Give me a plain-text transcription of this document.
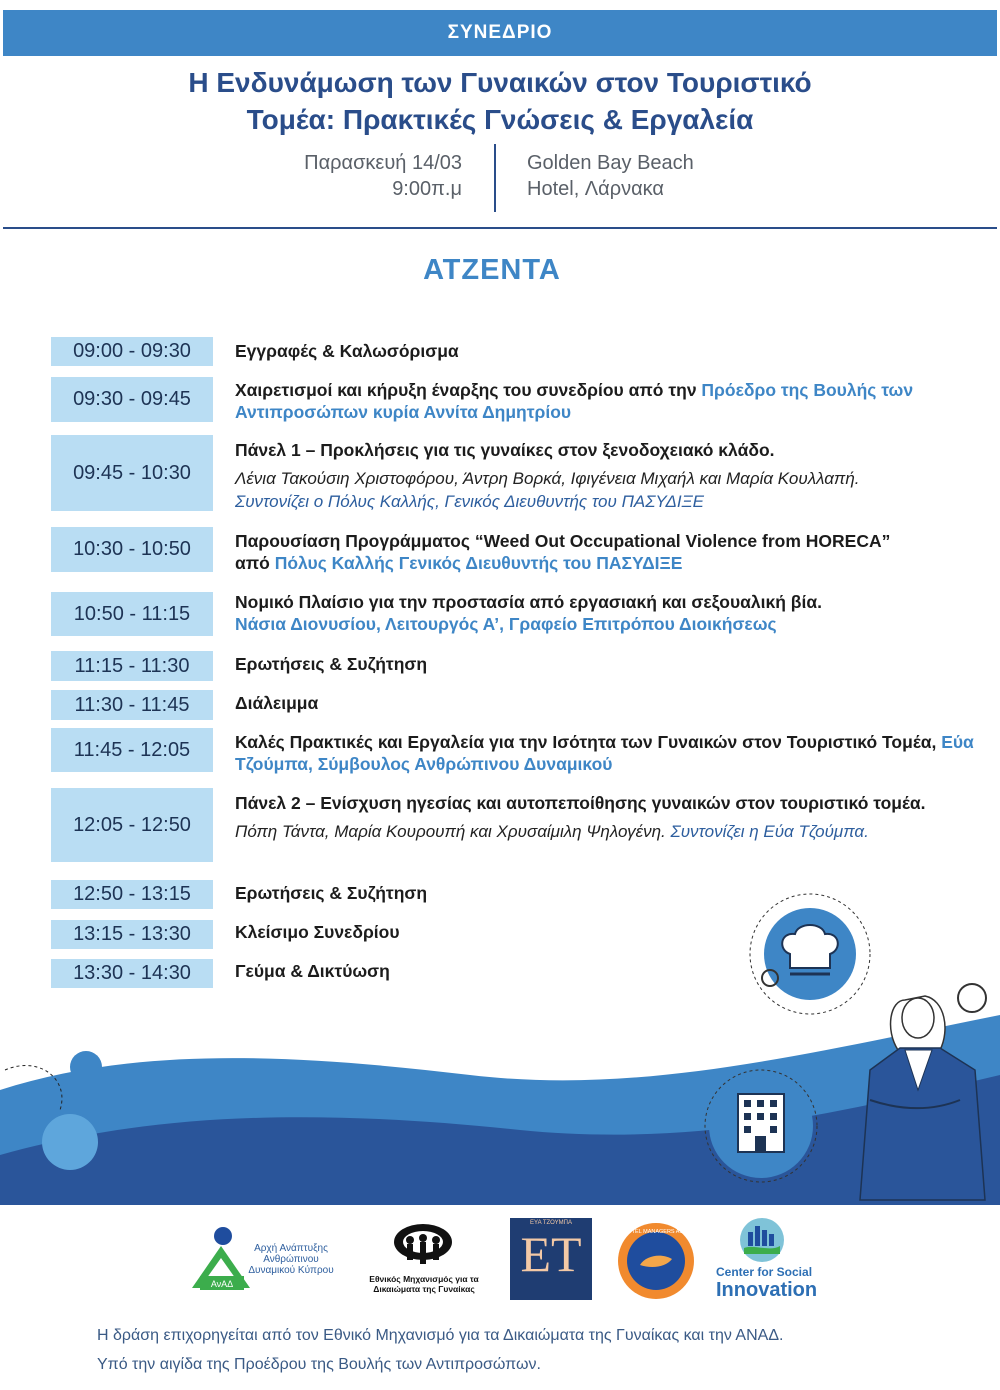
ΣΥΝΕΔΡΙΟ
Η Ενδυνάμωση των Γυναικών στον Τουριστικό
Τομέα: Πρακτικές Γνώσεις & Εργαλεία
Παρασκευή 14/03
9:00π.μ
Golden Bay Beach
Hotel, Λάρνακα
ΑΤΖΕΝΤΑ
09:00 - 09:30	Εγγραφές & Καλωσόρισμα
09:30 - 09:45	Χαιρετισμοί και κήρυξη έναρξης του συνεδρίου από την Πρόεδρο της Βουλής των Αντιπροσώπων κυρία Αννίτα Δημητρίου
09:45 - 10:30
Πάνελ 1 – Προκλήσεις για τις γυναίκες στον ξενοδοχειακό κλάδο.
Λένια Τακούσιη Χριστοφόρου, Άντρη Βορκά, Ιφιγένεια Μιχαήλ και Μαρία Κουλλαπή.
Συντονίζει ο Πόλυς Καλλής, Γενικός Διευθυντής του ΠΑΣΥΔΙΞΕ
10:30 - 10:50	Παρουσίαση Προγράμματος “Weed Out Occupational Violence from HORECA”
από Πόλυς Καλλής Γενικός Διευθυντής του ΠΑΣΥΔΙΞΕ
10:50 - 11:15
Νομικό Πλαίσιο για την προστασία από εργασιακή και σεξουαλική βία.
Νάσια Διονυσίου, Λειτουργός Α’, Γραφείο Επιτρόπου Διοικήσεως
11:15 - 11:30	Ερωτήσεις & Συζήτηση
11:30 - 11:45	Διάλειμμα
11:45 - 12:05	Καλές Πρακτικές και Εργαλεία για την Ισότητα των Γυναικών στον Τουριστικό Τομέα, Εύα Τζούμπα, Σύμβουλος Ανθρώπινου Δυναμικού
12:05 - 12:50
Πάνελ 2 – Ενίσχυση ηγεσίας και αυτοπεποίθησης γυναικών στον τουριστικό τομέα.
Πόπη Τάντα, Μαρία Κουρουπή και Χρυσαίμιλη Ψηλογένη. Συντονίζει η Εύα Τζούμπα.
12:50 - 13:15	Ερωτήσεις & Συζήτηση
13:15 - 13:30	Κλείσιμο Συνεδρίου
13:30 - 14:30	Γεύμα & Δικτύωση
ΑνΑΔ
Αρχή Ανάπτυξης Ανθρώπινου Δυναμικού Κύπρου
Εθνικός Μηχανισμός για τα Δικαιώματα της Γυναίκας
ΕΥΑ ΤΖΟΥΜΠΑ
ET	CYPRUS HOTEL MANAGERS ASSOCIATION
Center for Social
Innovation
Η δράση επιχορηγείται από τον Εθνικό Μηχανισμό για τα Δικαιώματα της Γυναίκας και την ΑΝΑΔ.
Υπό την αιγίδα της Προέδρου της Βουλής των Αντιπροσώπων.
